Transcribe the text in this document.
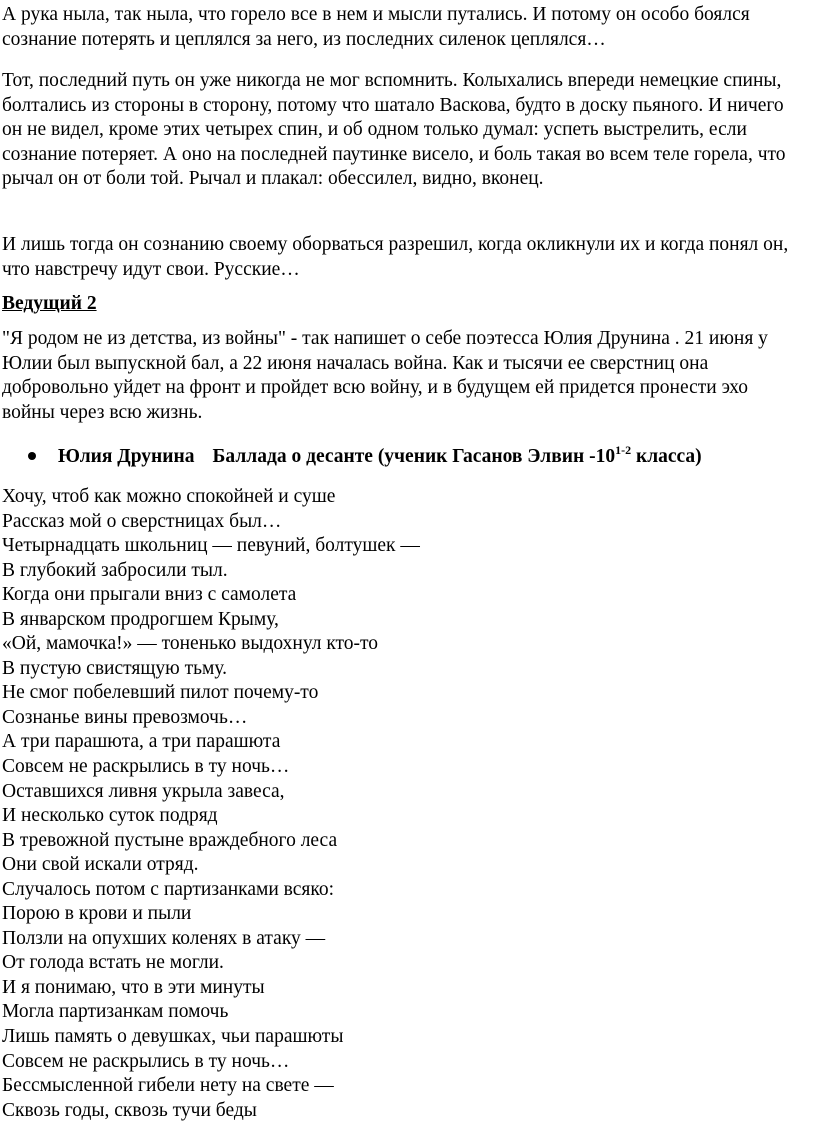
А рука ныла, так ныла, что горело все в нем и мысли путались. И потому он особо боялся сознание потерять и цеплялся за него, из последних силенок цеплялся…

Тот, последний путь он уже никогда не мог вспомнить. Колыхались впереди немецкие спины, болтались из стороны в сторону, потому что шатало Васкова, будто в доску пьяного. И ничего он не видел, кроме этих четырех спин, и об одном только думал: успеть выстрелить, если сознание потеряет. А оно на последней паутинке висело, и боль такая во всем теле горела, что рычал он от боли той. Рычал и плакал: обессилел, видно, вконец.

И лишь тогда он сознанию своему оборваться разрешил, когда окликнули их и когда понял он, что навстречу идут свои. Русские…

Ведущий 2

"Я родом не из детства, из войны" - так напишет о себе поэтесса Юлия Друнина . 21 июня у Юлии был выпускной бал, а 22 июня началась война. Как и тысячи ее сверстниц она добровольно уйдет на фронт и пройдет всю войну, и в будущем ей придется пронести эхо войны через всю жизнь.

Юлия Друнина Баллада о десанте (ученик Гасанов Элвин -10$^{1-2}$ класса)
Хочу, чтоб как можно спокойней и суше
Рассказ мой о сверстницах был…
Четырнадцать школьниц — певуний, болтушек —
В глубокий забросили тыл.
Когда они прыгали вниз с самолета
В январском продрогшем Крыму,
«Ой, мамочка!» — тоненько выдохнул кто-то
В пустую свистящую тьму.
Не смог побелевший пилот почему-то
Сознанье вины превозмочь…
А три парашюта, а три парашюта
Совсем не раскрылись в ту ночь…
Оставшихся ливня укрыла завеса,
И несколько суток подряд
В тревожной пустыне враждебного леса
Они свой искали отряд.
Случалось потом с партизанками всяко:
Порою в крови и пыли
Ползли на опухших коленях в атаку —
От голода встать не могли.
И я понимаю, что в эти минуты
Могла партизанкам помочь
Лишь память о девушках, чьи парашюты
Совсем не раскрылись в ту ночь…
Бессмысленной гибели нету на свете —
Сквозь годы, сквозь тучи беды
